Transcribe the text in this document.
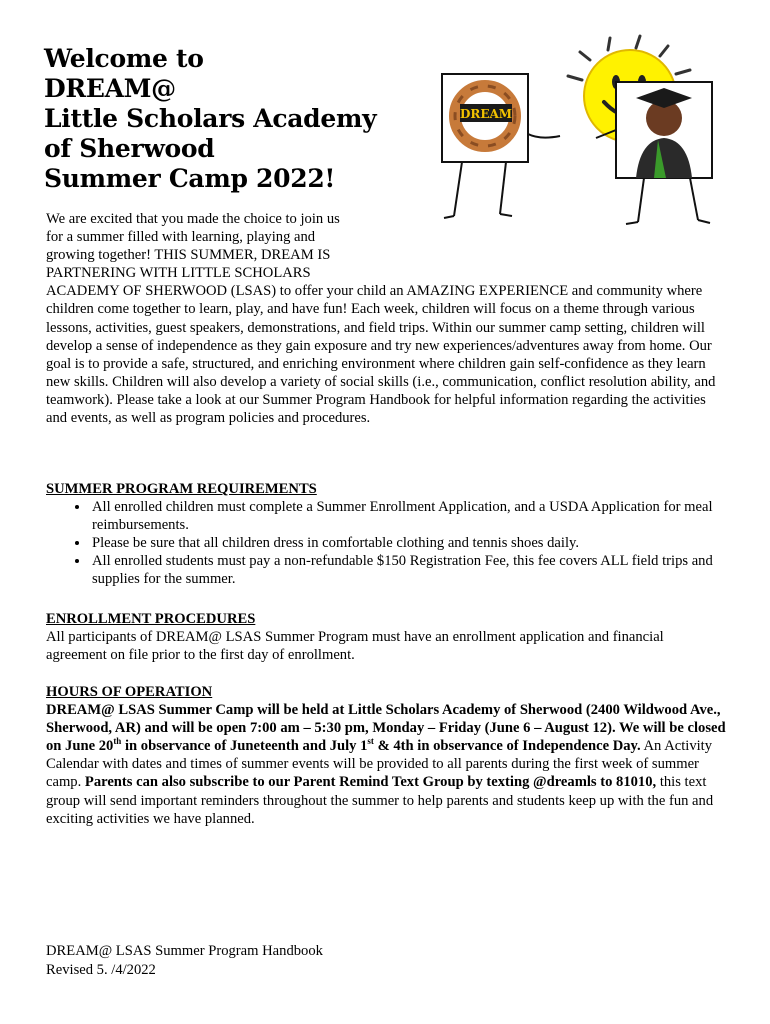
Welcome to
DREAM@
Little Scholars Academy
of Sherwood
Summer Camp 2022!
DREAM
We are excited that you made the choice to join us
for a summer filled with learning, playing and
growing together! THIS SUMMER, DREAM IS
PARTNERING WITH LITTLE SCHOLARS
ACADEMY OF SHERWOOD (LSAS) to offer your child an AMAZING EXPERIENCE and community where children come together to learn, play, and have fun! Each week, children will focus on a theme through various lessons, activities, guest speakers, demonstrations, and field trips. Within our summer camp setting, children will develop a sense of independence as they gain exposure and try new experiences/adventures away from home. Our goal is to provide a safe, structured, and enriching environment where children gain self-confidence as they learn new skills. Children will also develop a variety of social skills (i.e., communication, conflict resolution ability, and teamwork). Please take a look at our Summer Program Handbook for helpful information regarding the activities and events, as well as program policies and procedures.
SUMMER PROGRAM REQUIREMENTS
• All enrolled children must complete a Summer Enrollment Application, and a USDA Application for meal reimbursements.
• Please be sure that all children dress in comfortable clothing and tennis shoes daily.
• All enrolled students must pay a non-refundable $150 Registration Fee, this fee covers ALL field trips and supplies for the summer.
ENROLLMENT PROCEDURES
All participants of DREAM@ LSAS Summer Program must have an enrollment application and financial agreement on file prior to the first day of enrollment.
HOURS OF OPERATION
DREAM@ LSAS Summer Camp will be held at Little Scholars Academy of Sherwood (2400 Wildwood Ave., Sherwood, AR) and will be open 7:00 am – 5:30 pm, Monday – Friday (June 6 – August 12). We will be closed on June 20th in observance of Juneteenth and July 1st & 4th in observance of Independence Day. An Activity Calendar with dates and times of summer events will be provided to all parents during the first week of summer camp. Parents can also subscribe to our Parent Remind Text Group by texting @dreamls to 81010, this text group will send important reminders throughout the summer to help parents and students keep up with the fun and exciting activities we have planned.
DREAM@ LSAS Summer Program Handbook
Revised 5. /4/2022
